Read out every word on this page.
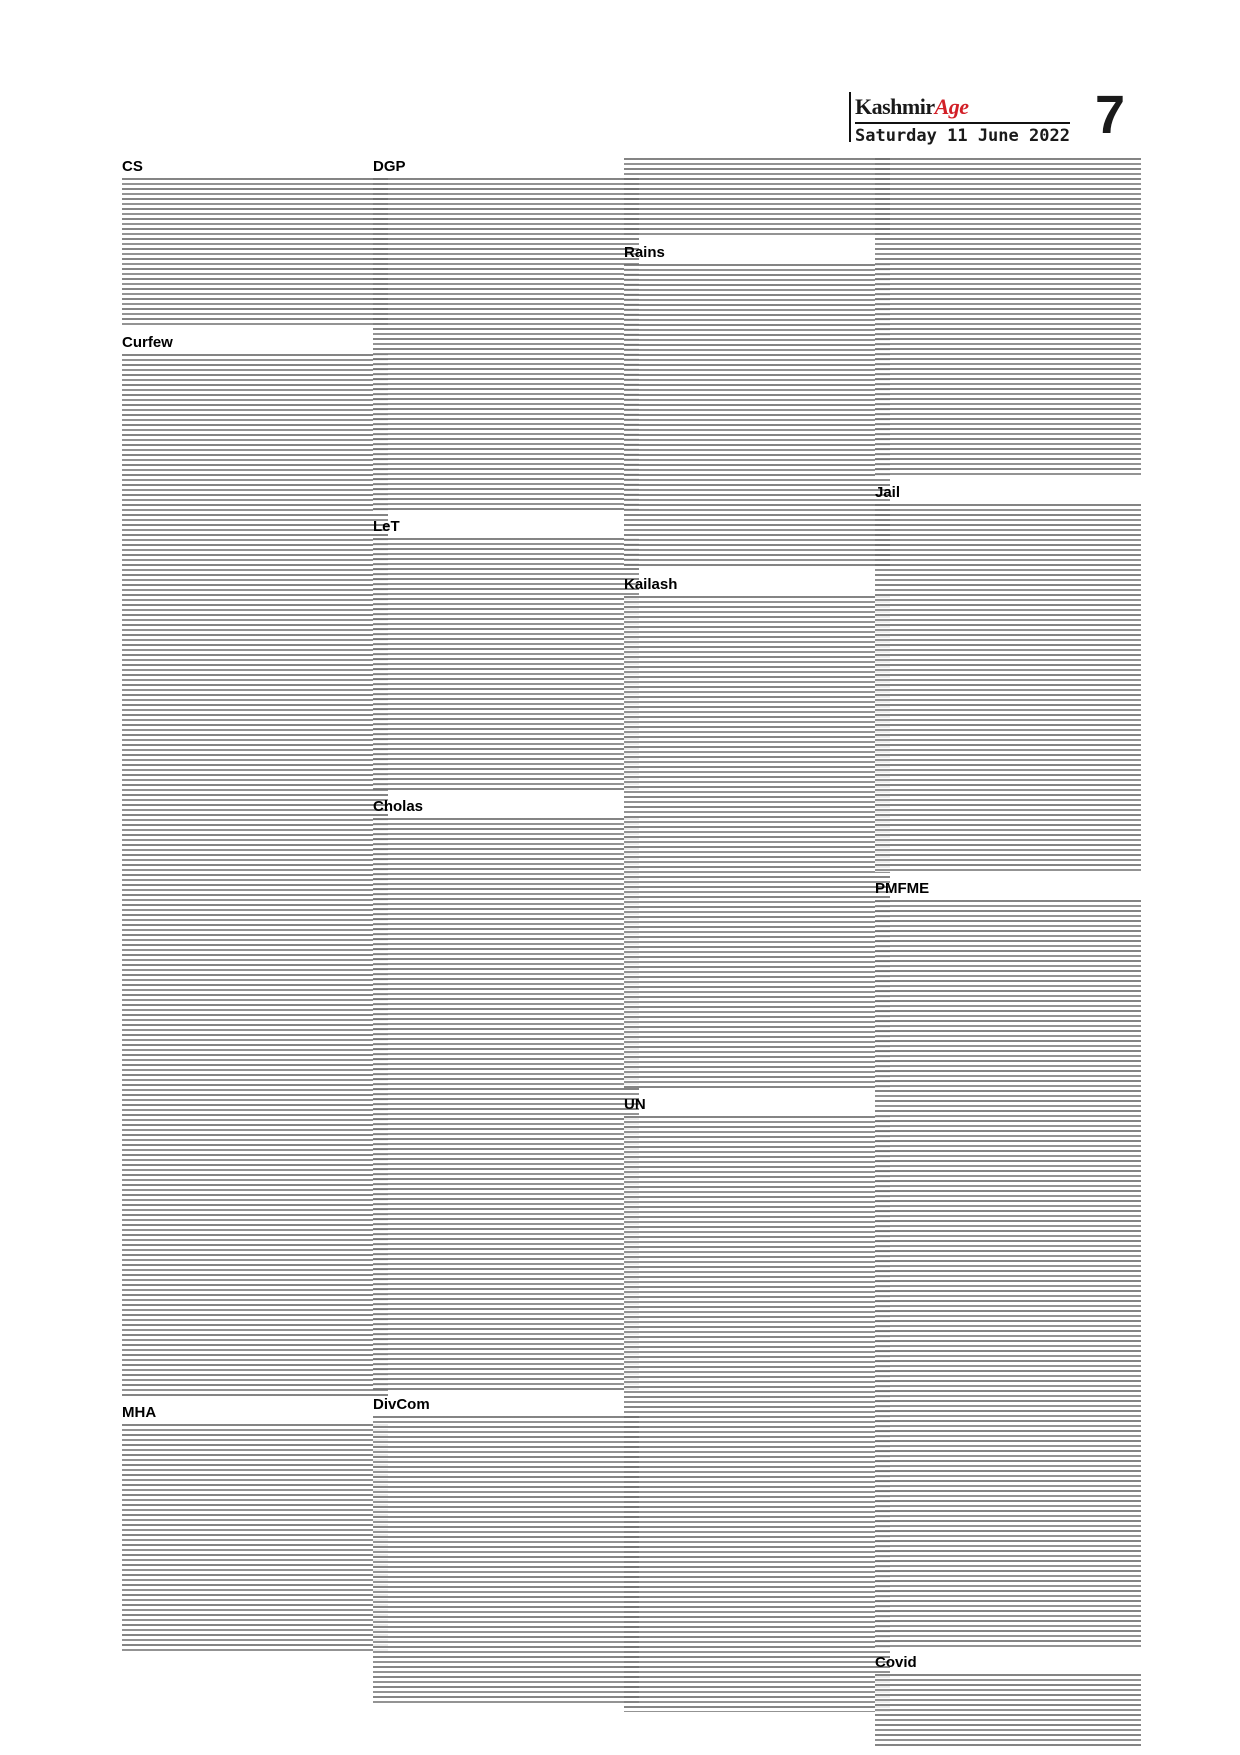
KashmirAge
Saturday 11 June 2022 7
CS
Curfew
MHA
DGP
LeT
Cholas
DivCom
Rains
Kailash
UN
Jail
PMFME
Covid
